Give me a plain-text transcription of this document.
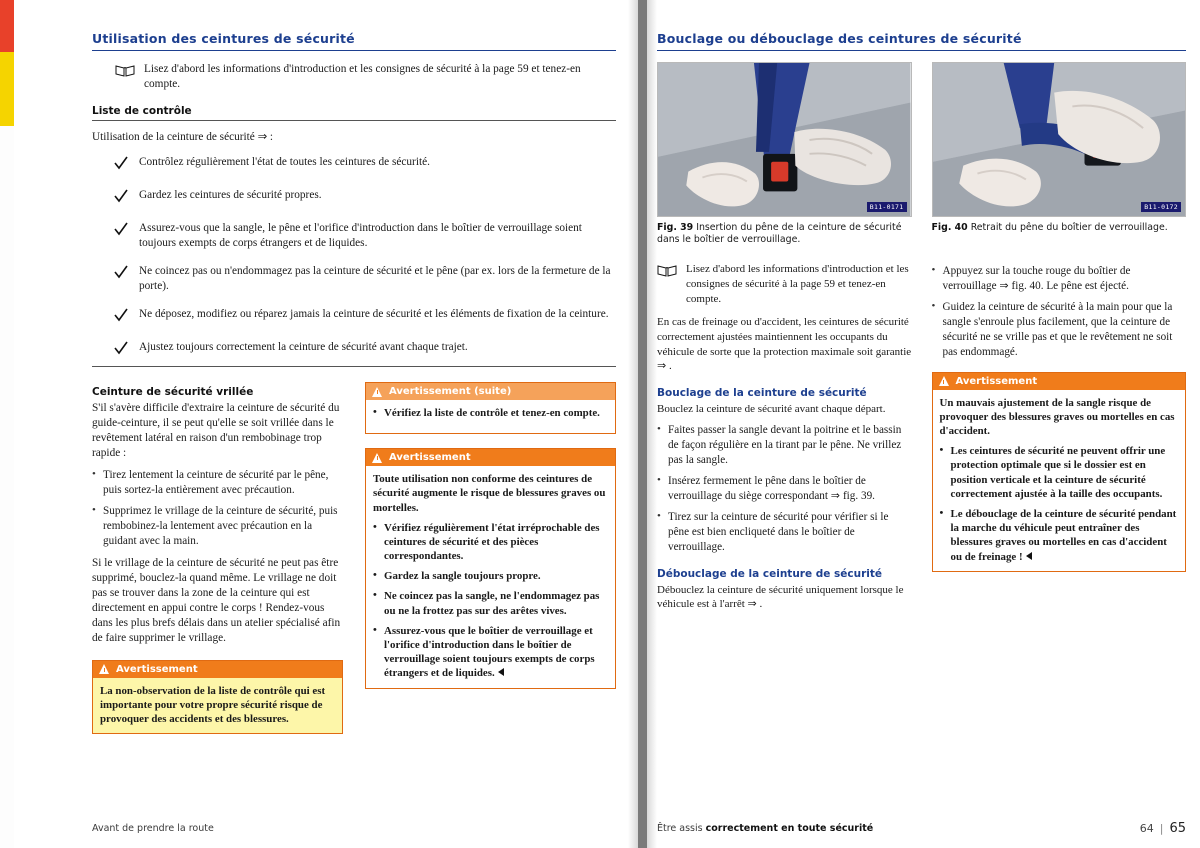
Utilisation des ceintures de sécurité

Lisez d'abord les informations d'introduction et les consignes de sécurité à la page 59 et tenez-en compte.

Liste de contrôle

Utilisation de la ceinture de sécurité ⇒ :

Contrôlez régulièrement l'état de toutes les ceintures de sécurité.
Gardez les ceintures de sécurité propres.
Assurez-vous que la sangle, le pêne et l'orifice d'introduction dans le boîtier de verrouillage soient toujours exempts de corps étrangers et de liquides.
Ne coincez pas ou n'endommagez pas la ceinture de sécurité et le pêne (par ex. lors de la fermeture de la porte).
Ne déposez, modifiez ou réparez jamais la ceinture de sécurité et les éléments de fixation de la ceinture.
Ajustez toujours correctement la ceinture de sécurité avant chaque trajet.
Ceinture de sécurité vrillée

S'il s'avère difficile d'extraire la ceinture de sécurité du guide-ceinture, il se peut qu'elle se soit vrillée dans le revêtement latéral en raison d'un rembobinage trop rapide :

• Tirez lentement la ceinture de sécurité par le pêne, puis sortez-la entièrement avec précaution.
• Supprimez le vrillage de la ceinture de sécurité, puis rembobinez-la lentement avec précaution en la guidant avec la main.

Si le vrillage de la ceinture de sécurité ne peut pas être supprimé, bouclez-la quand même. Le vrillage ne doit pas se trouver dans la zone de la ceinture qui est directement en appui contre le corps ! Rendez-vous dans les plus brefs délais dans un atelier spécialisé afin de faire supprimer le vrillage.

Avertissement

La non-observation de la liste de contrôle qui est importante pour votre propre sécurité risque de provoquer des accidents et des blessures.

Avertissement (suite)
• Vérifiez la liste de contrôle et tenez-en compte.
Avertissement

Toute utilisation non conforme des ceintures de sécurité augmente le risque de blessures graves ou mortelles.

• Vérifiez régulièrement l'état irréprochable des ceintures de sécurité et des pièces correspondantes.
• Gardez la sangle toujours propre.
• Ne coincez pas la sangle, ne l'endommagez pas ou ne la frottez pas sur des arêtes vives.
• Assurez-vous que le boîtier de verrouillage et l'orifice d'introduction dans le boîtier de verrouillage soient toujours exempts de corps étrangers et de liquides.
Avant de prendre la route
Bouclage ou débouclage des ceintures de sécurité
B11-0171
Fig. 39 Insertion du pêne de la ceinture de sécurité dans le boîtier de verrouillage.
B11-0172
Fig. 40 Retrait du pêne du boîtier de verrouillage.

Lisez d'abord les informations d'introduction et les consignes de sécurité à la page 59 et tenez-en compte.

En cas de freinage ou d'accident, les ceintures de sécurité correctement ajustées maintiennent les occupants du véhicule de sorte que la protection maximale soit garantie ⇒ .

Bouclage de la ceinture de sécurité

Bouclez la ceinture de sécurité avant chaque départ.

• Faites passer la sangle devant la poitrine et le bassin de façon régulière en la tirant par le pêne. Ne vrillez pas la sangle.
• Insérez fermement le pêne dans le boîtier de verrouillage du siège correspondant ⇒ fig. 39.
• Tirez sur la ceinture de sécurité pour vérifier si le pêne est bien encliqueté dans le boîtier de verrouillage.
Débouclage de la ceinture de sécurité

Débouclez la ceinture de sécurité uniquement lorsque le véhicule est à l'arrêt ⇒ .

• Appuyez sur la touche rouge du boîtier de verrouillage ⇒ fig. 40. Le pêne est éjecté.
• Guidez la ceinture de sécurité à la main pour que la sangle s'enroule plus facilement, que la ceinture de sécurité ne se vrille pas et que le revêtement ne soit pas endommagé.
Avertissement

Un mauvais ajustement de la sangle risque de provoquer des blessures graves ou mortelles en cas d'accident.

• Les ceintures de sécurité ne peuvent offrir une protection optimale que si le dossier est en position verticale et la ceinture de sécurité correctement ajustée à la taille des occupants.
• Le débouclage de la ceinture de sécurité pendant la marche du véhicule peut entraîner des blessures graves ou mortelles en cas d'accident ou de freinage !
Être assis correctement en toute sécurité	64 | 65
